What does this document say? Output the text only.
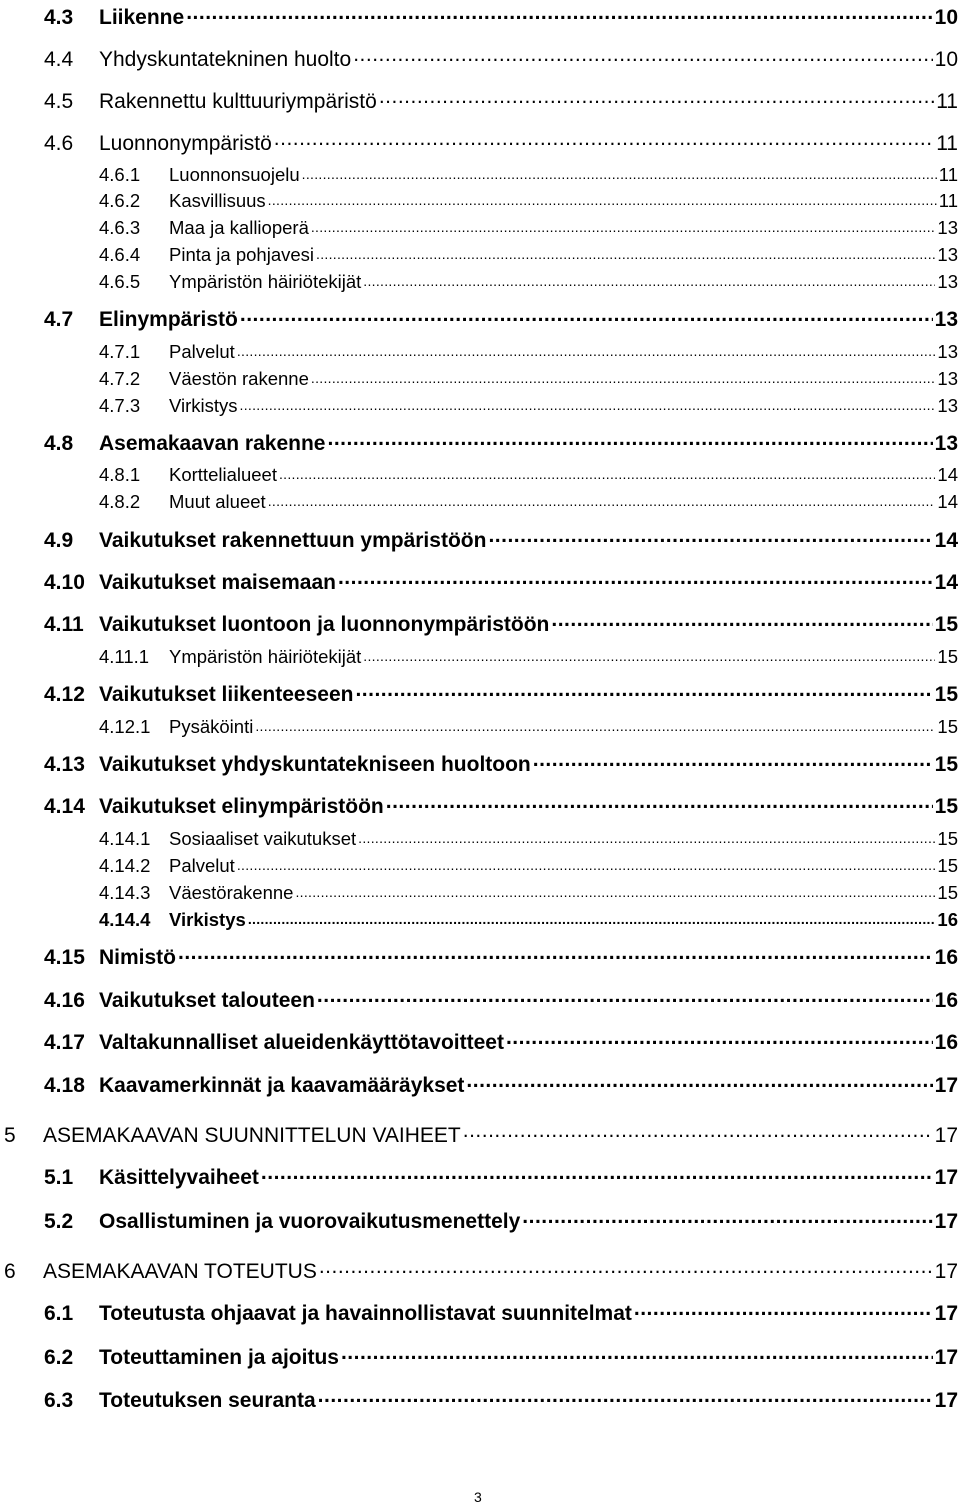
4.3	Liikenne .....	10
4.4	Yhdyskuntatekninen huolto .....	10
4.5	Rakennettu kulttuuriympäristö .....	11
4.6	Luonnonympäristö .....	11
4.6.1	Luonnonsuojelu .....	11
4.6.2	Kasvillisuus .....	11
4.6.3	Maa ja kallioperä .....	13
4.6.4	Pinta ja pohjavesi .....	13
4.6.5	Ympäristön häiriötekijät .....	13
4.7	Elinympäristö .....	13
4.7.1	Palvelut .....	13
4.7.2	Väestön rakenne .....	13
4.7.3	Virkistys .....	13
4.8	Asemakaavan rakenne .....	13
4.8.1	Korttelialueet .....	14
4.8.2	Muut alueet .....	14
4.9	Vaikutukset rakennettuun ympäristöön .....	14
4.10 Vaikutukset maisemaan .....	14
4.11 Vaikutukset luontoon ja luonnonympäristöön .....	15
4.11.1	Ympäristön häiriötekijät .....	15
4.12 Vaikutukset liikenteeseen .....	15
4.12.1	Pysäköinti .....	15
4.13 Vaikutukset yhdyskuntatekniseen huoltoon .....	15
4.14 Vaikutukset elinympäristöön .....	15
4.14.1	Sosiaaliset vaikutukset .....	15
4.14.2	Palvelut .....	15
4.14.3	Väestörakenne .....	15
4.14.4	Virkistys .....	16
4.15 Nimistö .....	16
4.16 Vaikutukset talouteen .....	16
4.17 Valtakunnalliset alueidenkäyttötavoitteet .....	16
4.18 Kaavamerkinnät ja kaavamääräykset .....	17
5	ASEMAKAAVAN SUUNNITTELUN VAIHEET .....	17
5.1	Käsittelyvaiheet .....	17
5.2	Osallistuminen ja vuorovaikutusmenettely .....	17
6	ASEMAKAAVAN TOTEUTUS .....	17
6.1	Toteutusta ohjaavat ja havainnollistavat suunnitelmat .....	17
6.2	Toteuttaminen ja ajoitus .....	17
6.3	Toteutuksen seuranta .....	17
3
